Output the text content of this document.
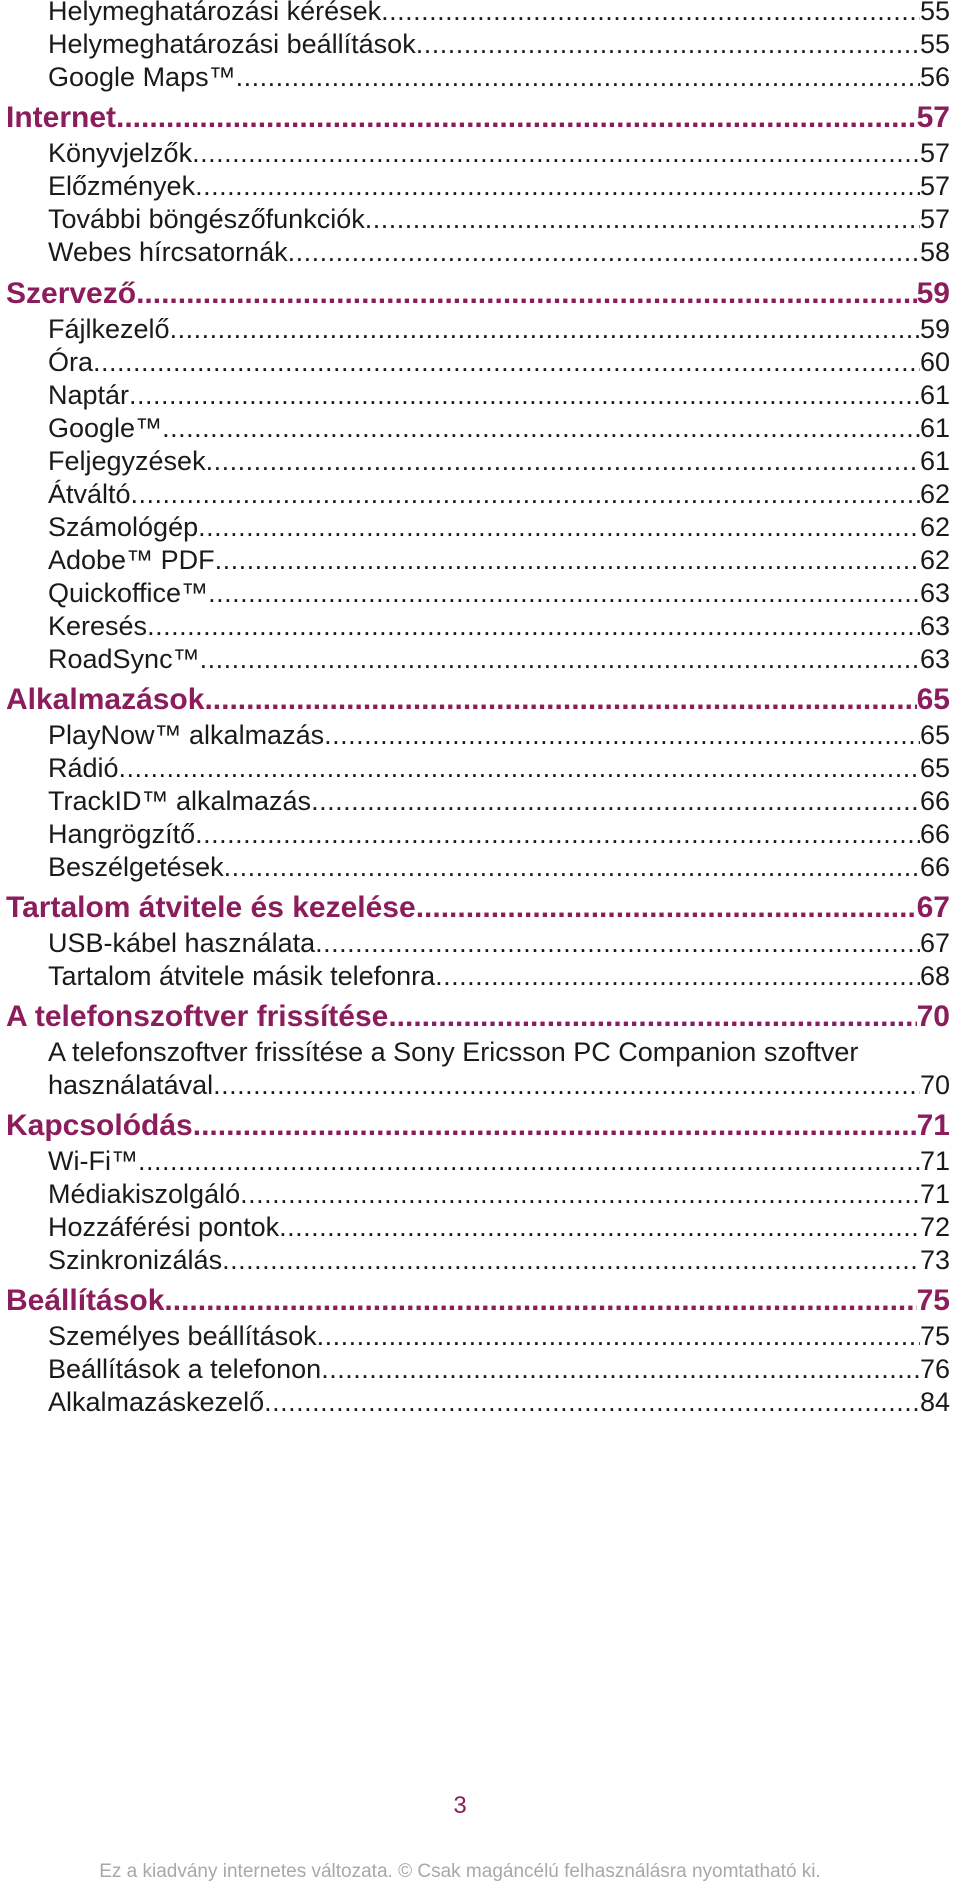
Helymeghatározási kérések .....	55
Helymeghatározási beállítások .....	55
Google Maps™ .....	56
Internet .....	57
Könyvjelzők .....	57
Előzmények .....	57
További böngészőfunkciók .....	57
Webes hírcsatornák .....	58
Szervező .....	59
Fájlkezelő .....	59
Óra .....	60
Naptár .....	61
Google™ .....	61
Feljegyzések .....	61
Átváltó .....	62
Számológép .....	62
Adobe™ PDF .....	62
Quickoffice™ .....	63
Keresés .....	63
RoadSync™ .....	63
Alkalmazások .....	65
PlayNow™ alkalmazás .....	65
Rádió .....	65
TrackID™ alkalmazás .....	66
Hangrögzítő .....	66
Beszélgetések .....	66
Tartalom átvitele és kezelése .....	67
USB-kábel használata .....	67
Tartalom átvitele másik telefonra .....	68
A telefonszoftver frissítése .....	70
A telefonszoftver frissítése a Sony Ericsson PC Companion szoftver
használatával .....	70
Kapcsolódás .....	71
Wi-Fi™ .....	71
Médiakiszolgáló .....	71
Hozzáférési pontok .....	72
Szinkronizálás .....	73
Beállítások .....	75
Személyes beállítások .....	75
Beállítások a telefonon .....	76
Alkalmazáskezelő .....	84
3
Ez a kiadvány internetes változata. © Csak magáncélú felhasználásra nyomtatható ki.
